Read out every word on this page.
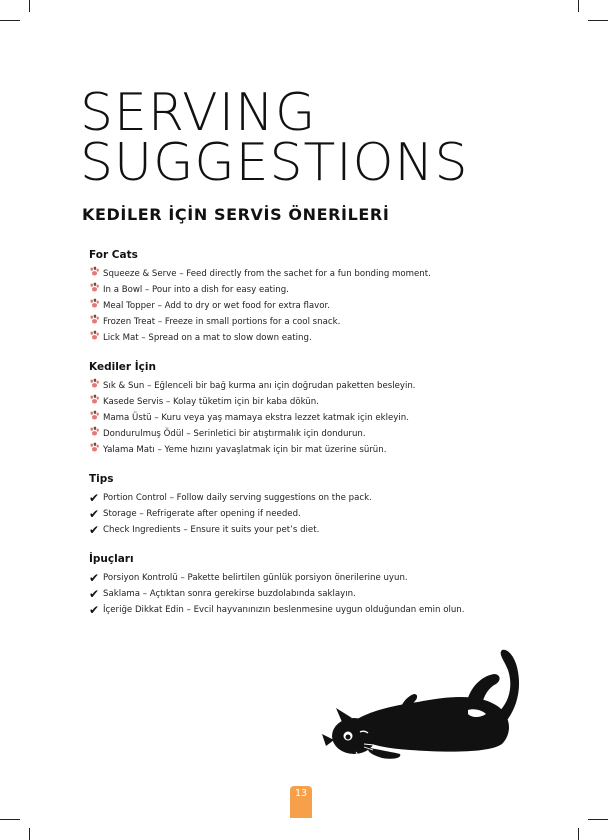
SERVING
SUGGESTIONS
KEDİLER İÇİN SERVİS ÖNERİLERİ
For Cats
Squeeze & Serve – Feed directly from the sachet for a fun bonding moment.
In a Bowl – Pour into a dish for easy eating.
Meal Topper – Add to dry or wet food for extra flavor.
Frozen Treat – Freeze in small portions for a cool snack.
Lick Mat – Spread on a mat to slow down eating.
Kediler İçin
Sık & Sun – Eğlenceli bir bağ kurma anı için doğrudan paketten besleyin.
Kasede Servis – Kolay tüketim için bir kaba dökün.
Mama Üstü – Kuru veya yaş mamaya ekstra lezzet katmak için ekleyin.
Dondurulmuş Ödül – Serinletici bir atıştırmalık için dondurun.
Yalama Matı – Yeme hızını yavaşlatmak için bir mat üzerine sürün.
Tips
✔ Portion Control – Follow daily serving suggestions on the pack.
✔ Storage – Refrigerate after opening if needed.
✔ Check Ingredients – Ensure it suits your pet’s diet.
İpuçları
✔ Porsiyon Kontrolü – Pakette belirtilen günlük porsiyon önerilerine uyun.
✔ Saklama – Açtıktan sonra gerekirse buzdolabında saklayın.
✔ İçeriğe Dikkat Edin – Evcil hayvanınızın beslenmesine uygun olduğundan emin olun.
13
